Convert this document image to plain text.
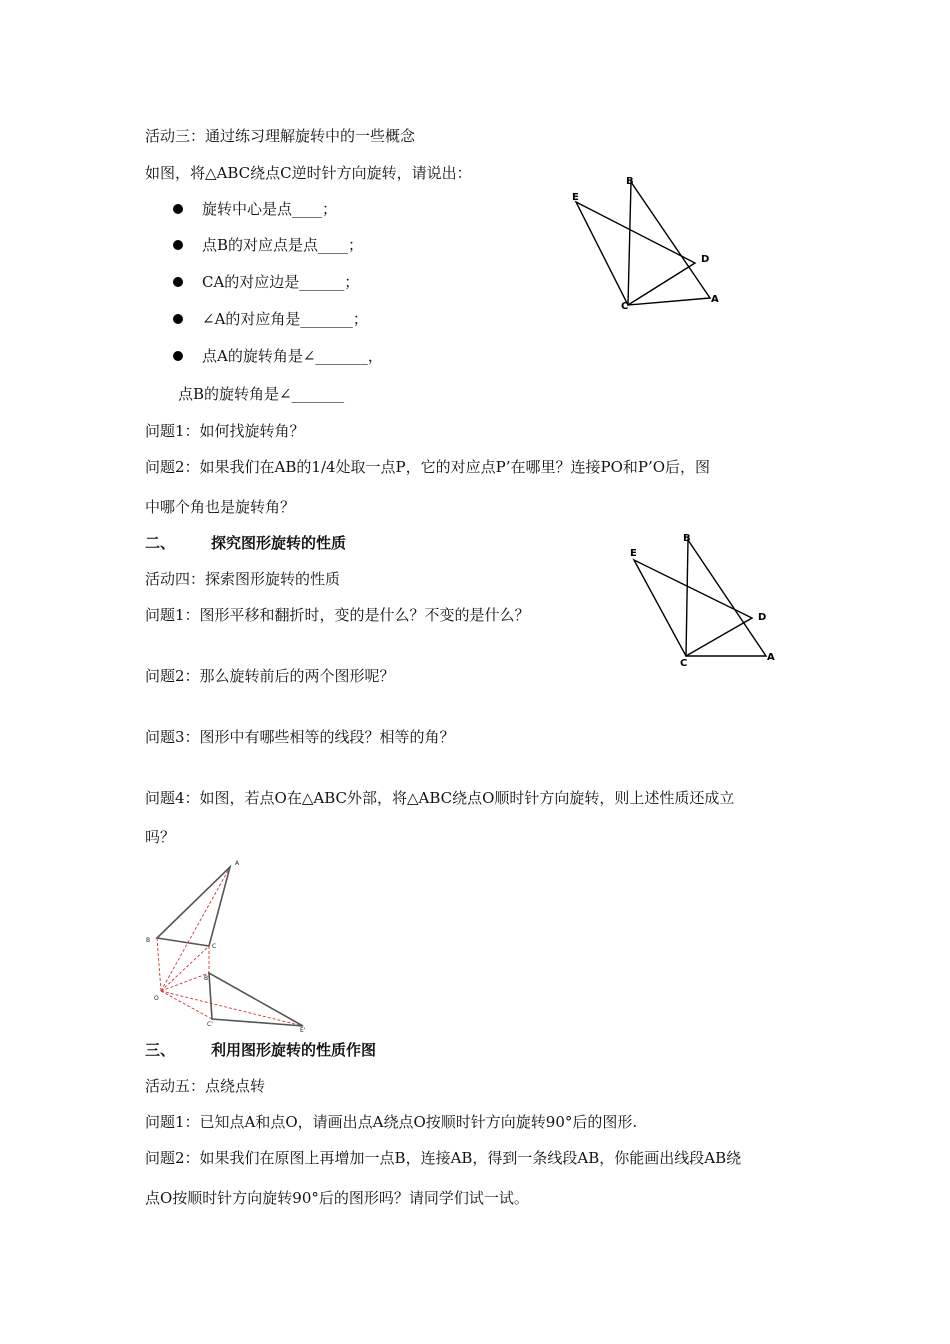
活动三：通过练习理解旋转中的一些概念
如图，将△ABC绕点C逆时针方向旋转，请说出：
旋转中心是点____；
点B的对应点是点____；
CA的对应边是______；
∠A的对应角是_______；
点A的旋转角是∠_______，
点B的旋转角是∠_______
问题1：如何找旋转角？
问题2：如果我们在AB的1/4处取一点P，它的对应点P’在哪里？连接PO和P’O后，图
中哪个角也是旋转角？
B
E
D
C
A
二、 探究图形旋转的性质
活动四：探索图形旋转的性质
问题1：图形平移和翻折时，变的是什么？不变的是什么？
问题2：那么旋转前后的两个图形呢？
问题3：图形中有哪些相等的线段？相等的角？
问题4：如图，若点O在△ABC外部，将△ABC绕点O顺时针方向旋转，则上述性质还成立
吗？
B
E
D
C
A
A
B
C
O
B'
C'
E'
三、 利用图形旋转的性质作图
活动五：点绕点转
问题1：已知点A和点O，请画出点A绕点O按顺时针方向旋转90°后的图形.
问题2：如果我们在原图上再增加一点B，连接AB，得到一条线段AB，你能画出线段AB绕
点O按顺时针方向旋转90°后的图形吗？请同学们试一试。
